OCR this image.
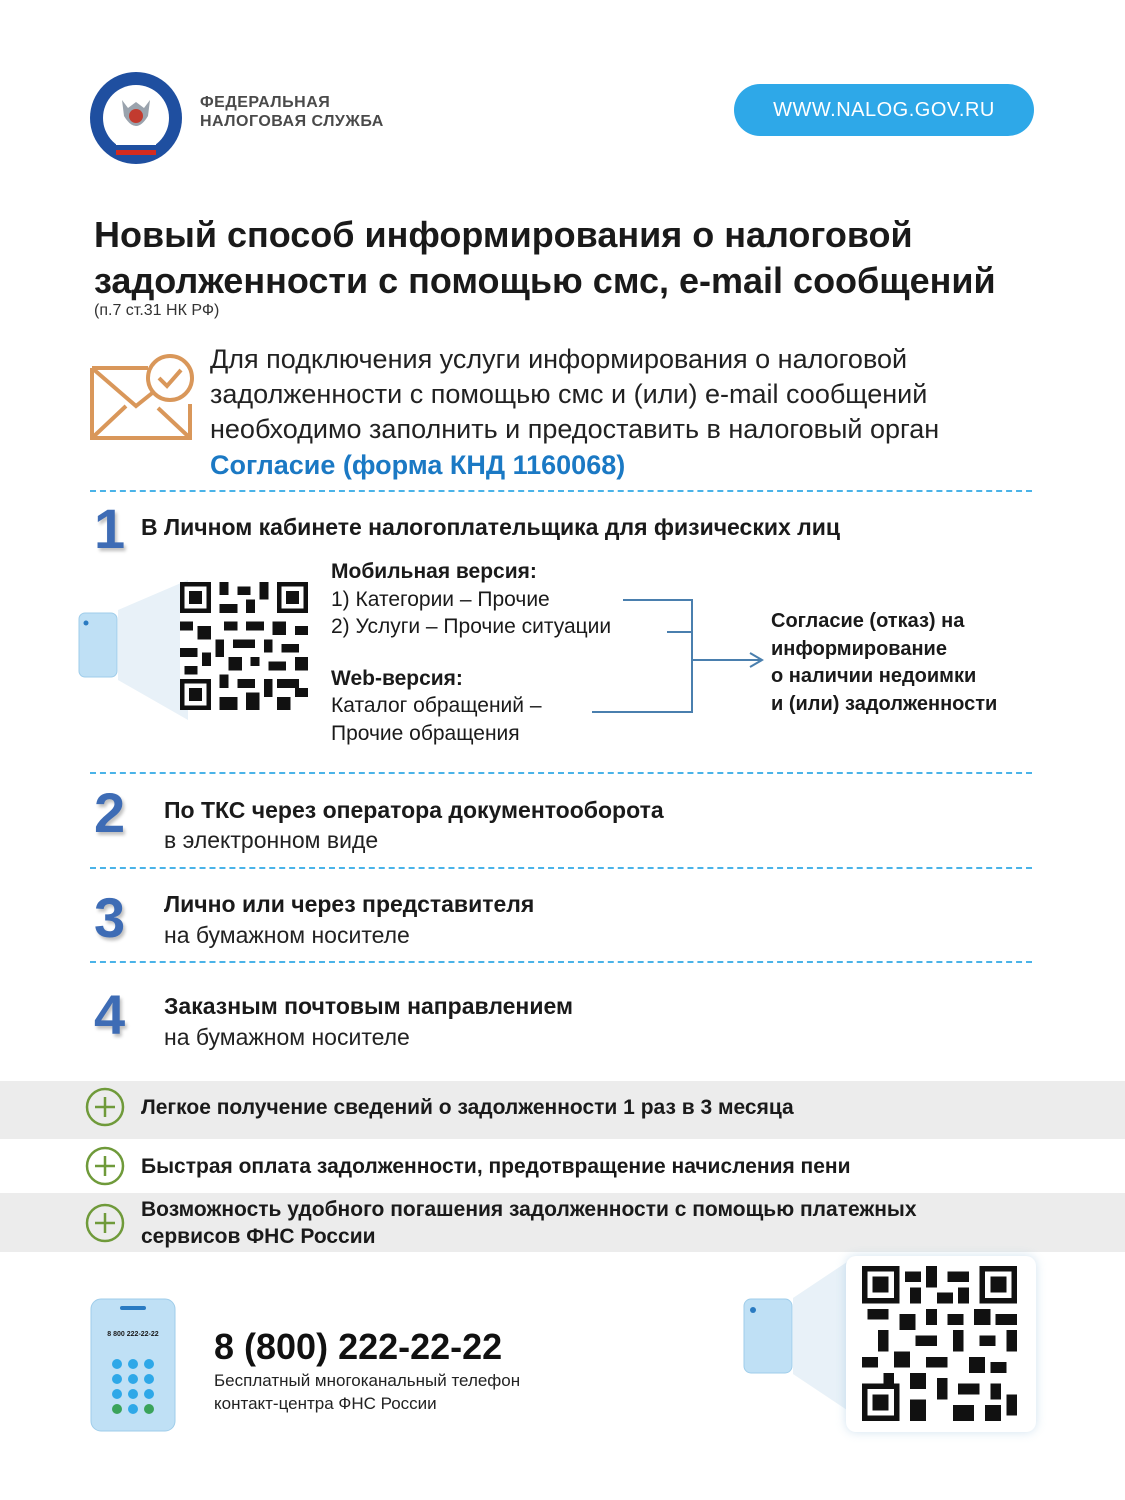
ФЕДЕРАЛЬНАЯ
НАЛОГОВАЯ СЛУЖБА
WWW.NALOG.GOV.RU
Новый способ информирования о налоговой
задолженности с помощью смс, e-mail сообщений
(п.7 ст.31 НК РФ)
Для подключения услуги информирования о налоговой
задолженности с помощью смс и (или) e-mail сообщений
необходимо заполнить и предоставить в налоговый орган
Согласие (форма КНД 1160068)
1 В Личном кабинете налогоплательщика для физических лиц
Мобильная версия:
1) Категории – Прочие
2) Услуги – Прочие ситуации
Web-версия:
Каталог обращений –
Прочие обращения
Согласие (отказ) на
информирование
о наличии недоимки
и (или) задолженности
2 По ТКС через оператора документооборота
в электронном виде
3 Лично или через представителя
на бумажном носителе
4 Заказным почтовым направлением
на бумажном носителе
Легкое получение сведений о задолженности 1 раз в 3 месяца
Быстрая оплата задолженности, предотвращение начисления пени
Возможность удобного погашения задолженности с помощью платежных
сервисов ФНС России
8 800 222-22-22	8 (800) 222-22-22
Бесплатный многоканальный телефон
контакт-центра ФНС России
